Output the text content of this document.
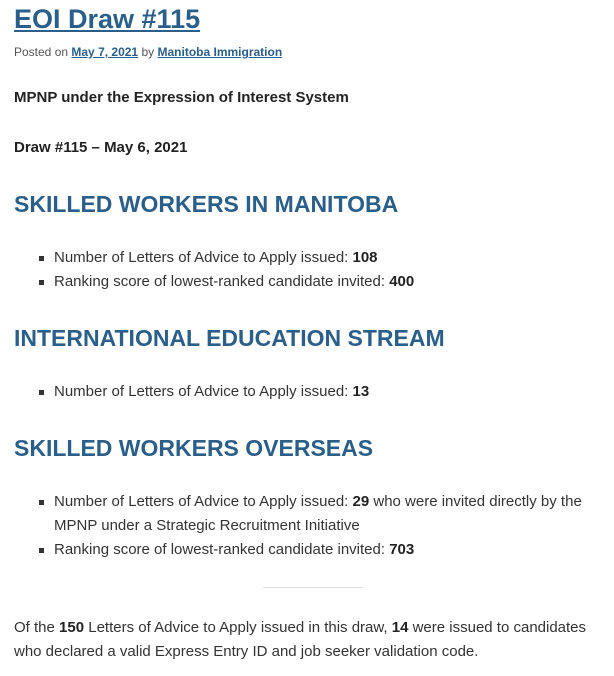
EOI Draw #115
Posted on May 7, 2021 by Manitoba Immigration
MPNP under the Expression of Interest System
Draw #115 – May 6, 2021
SKILLED WORKERS IN MANITOBA
Number of Letters of Advice to Apply issued: 108
Ranking score of lowest-ranked candidate invited: 400
INTERNATIONAL EDUCATION STREAM
Number of Letters of Advice to Apply issued: 13
SKILLED WORKERS OVERSEAS
Number of Letters of Advice to Apply issued: 29 who were invited directly by the MPNP under a Strategic Recruitment Initiative
Ranking score of lowest-ranked candidate invited: 703

Of the 150 Letters of Advice to Apply issued in this draw, 14 were issued to candidates who declared a valid Express Entry ID and job seeker validation code.
